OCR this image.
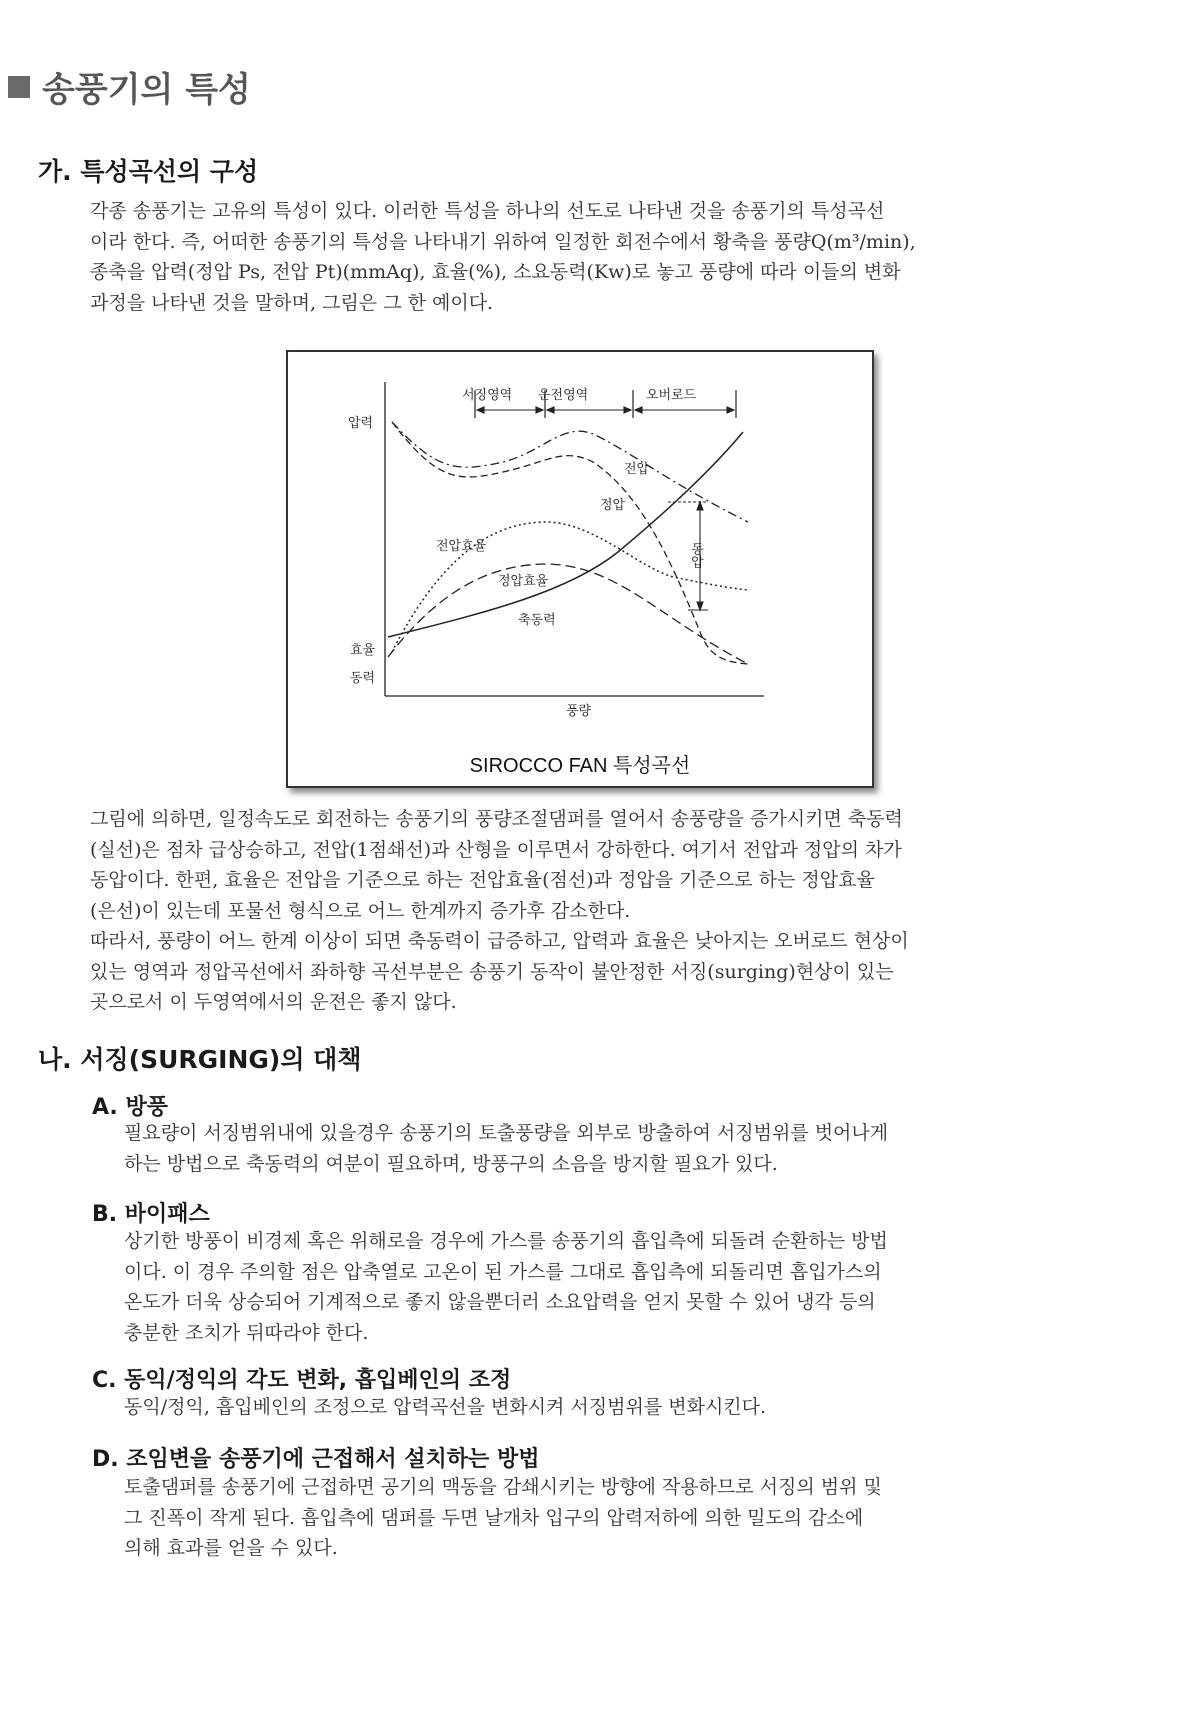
송풍기의 특성
가. 특성곡선의 구성
각종 송풍기는 고유의 특성이 있다. 이러한 특성을 하나의 선도로 나타낸 것을 송풍기의 특성곡선
이라 한다. 즉, 어떠한 송풍기의 특성을 나타내기 위하여 일정한 회전수에서 황축을 풍량Q(m³/min),
종축을 압력(정압 Ps, 전압 Pt)(mmAq), 효율(%), 소요동력(Kw)로 놓고 풍량에 따라 이들의 변화
과정을 나타낸 것을 말하며, 그림은 그 한 예이다.
서징영역 운전영역	오버로드
압력
효율
동력
풍량
전압
정압
전압효율
정압효율
축동력
동압
SIROCCO FAN 특성곡선
그림에 의하면, 일정속도로 회전하는 송풍기의 풍량조절댐퍼를 열어서 송풍량을 증가시키면 축동력
(실선)은 점차 급상승하고, 전압(1점쇄선)과 산형을 이루면서 강하한다. 여기서 전압과 정압의 차가
동압이다. 한편, 효율은 전압을 기준으로 하는 전압효율(점선)과 정압을 기준으로 하는 정압효율
(은선)이 있는데 포물선 형식으로 어느 한계까지 증가후 감소한다.
따라서, 풍량이 어느 한계 이상이 되면 축동력이 급증하고, 압력과 효율은 낮아지는 오버로드 현상이
있는 영역과 정압곡선에서 좌하향 곡선부분은 송풍기 동작이 불안정한 서징(surging)현상이 있는
곳으로서 이 두영역에서의 운전은 좋지 않다.
나. 서징(SURGING)의 대책
A. 방풍
필요량이 서징범위내에 있을경우 송풍기의 토출풍량을 외부로 방출하여 서징범위를 벗어나게
하는 방법으로 축동력의 여분이 필요하며, 방풍구의 소음을 방지할 필요가 있다.
B. 바이패스
상기한 방풍이 비경제 혹은 위해로을 경우에 가스를 송풍기의 흡입측에 되돌려 순환하는 방법
이다. 이 경우 주의할 점은 압축열로 고온이 된 가스를 그대로 흡입측에 되돌리면 흡입가스의
온도가 더욱 상승되어 기계적으로 좋지 않을뿐더러 소요압력을 얻지 못할 수 있어 냉각 등의
충분한 조치가 뒤따라야 한다.
C. 동익/정익의 각도 변화, 흡입베인의 조정
동익/정익, 흡입베인의 조정으로 압력곡선을 변화시켜 서징범위를 변화시킨다.
D. 조임변을 송풍기에 근접해서 설치하는 방법
토출댐퍼를 송풍기에 근접하면 공기의 맥동을 감쇄시키는 방향에 작용하므로 서징의 범위 및
그 진폭이 작게 된다. 흡입측에 댐퍼를 두면 날개차 입구의 압력저하에 의한 밀도의 감소에
의해 효과를 얻을 수 있다.
